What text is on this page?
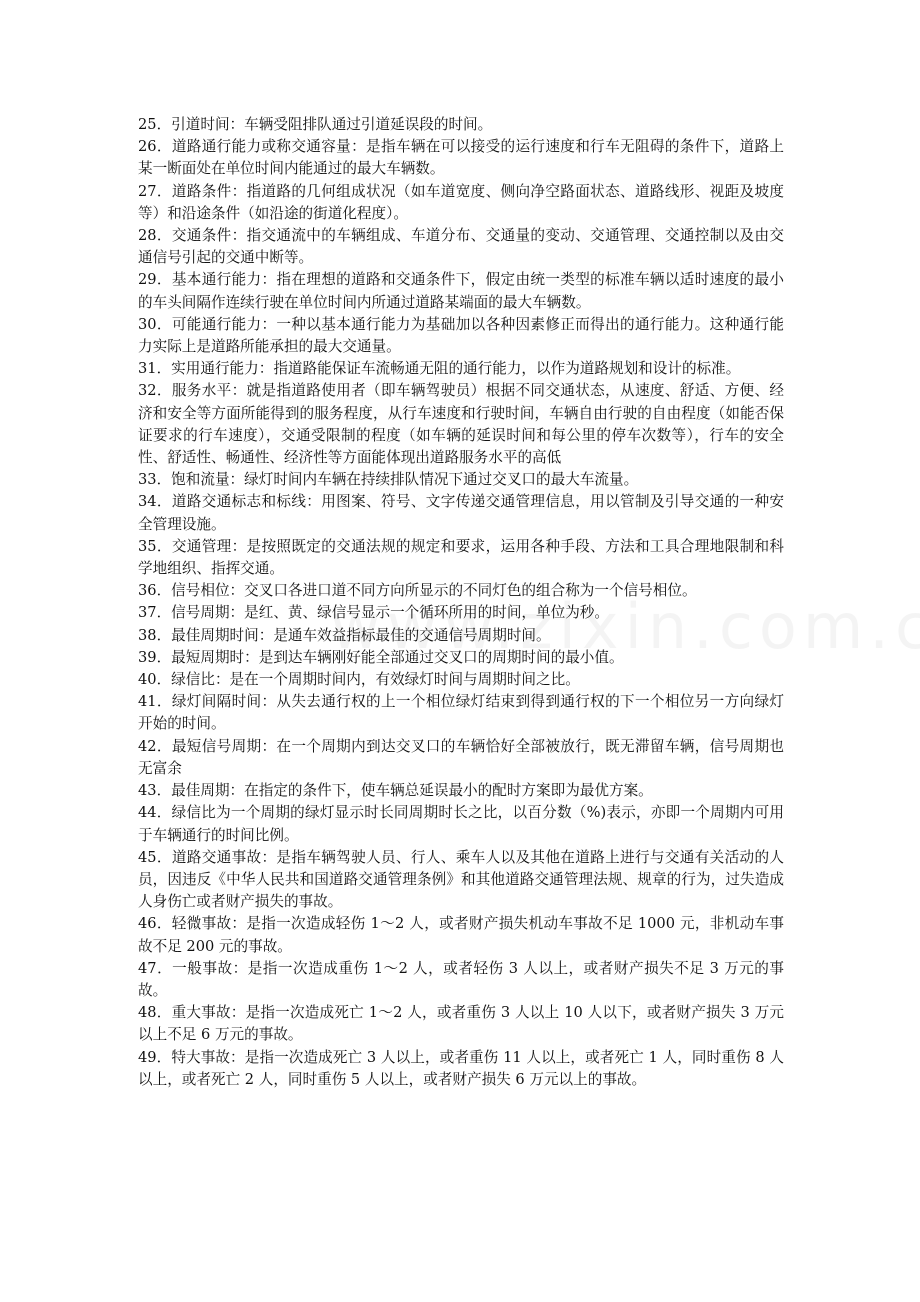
25．引道时间：车辆受阻排队通过引道延误段的时间。

26．道路通行能力或称交通容量：是指车辆在可以接受的运行速度和行车无阻碍的条件下，道路上某一断面处在单位时间内能通过的最大车辆数。

27．道路条件：指道路的几何组成状况（如车道宽度、侧向净空路面状态、道路线形、视距及坡度等）和沿途条件（如沿途的街道化程度）。

28．交通条件：指交通流中的车辆组成、车道分布、交通量的变动、交通管理、交通控制以及由交通信号引起的交通中断等。

29．基本通行能力：指在理想的道路和交通条件下，假定由统一类型的标准车辆以适时速度的最小的车头间隔作连续行驶在单位时间内所通过道路某端面的最大车辆数。

30．可能通行能力：一种以基本通行能力为基础加以各种因素修正而得出的通行能力。这种通行能力实际上是道路所能承担的最大交通量。

31．实用通行能力：指道路能保证车流畅通无阻的通行能力，以作为道路规划和设计的标准。

32．服务水平：就是指道路使用者（即车辆驾驶员）根据不同交通状态，从速度、舒适、方便、经济和安全等方面所能得到的服务程度，从行车速度和行驶时间，车辆自由行驶的自由程度（如能否保证要求的行车速度），交通受限制的程度（如车辆的延误时间和每公里的停车次数等），行车的安全性、舒适性、畅通性、经济性等方面能体现出道路服务水平的高低

33．饱和流量：绿灯时间内车辆在持续排队情况下通过交叉口的最大车流量。

34．道路交通标志和标线：用图案、符号、文字传递交通管理信息，用以管制及引导交通的一种安全管理设施。

35．交通管理：是按照既定的交通法规的规定和要求，运用各种手段、方法和工具合理地限制和科学地组织、指挥交通。

36．信号相位：交叉口各进口道不同方向所显示的不同灯色的组合称为一个信号相位。

37．信号周期：是红、黄、绿信号显示一个循环所用的时间，单位为秒。

38．最佳周期时间：是通车效益指标最佳的交通信号周期时间。

39．最短周期时：是到达车辆刚好能全部通过交叉口的周期时间的最小值。

40．绿信比：是在一个周期时间内，有效绿灯时间与周期时间之比。

41．绿灯间隔时间：从失去通行权的上一个相位绿灯结束到得到通行权的下一个相位另一方向绿灯开始的时间。

42．最短信号周期：在一个周期内到达交叉口的车辆恰好全部被放行，既无滞留车辆，信号周期也无富余

43．最佳周期：在指定的条件下，使车辆总延误最小的配时方案即为最优方案。

44．绿信比为一个周期的绿灯显示时长同周期时长之比，以百分数（%)表示，亦即一个周期内可用于车辆通行的时间比例。

45．道路交通事故：是指车辆驾驶人员、行人、乘车人以及其他在道路上进行与交通有关活动的人员，因违反《中华人民共和国道路交通管理条例》和其他道路交通管理法规、规章的行为，过失造成人身伤亡或者财产损失的事故。

46．轻微事故：是指一次造成轻伤 1～2 人，或者财产损失机动车事故不足 1000 元，非机动车事故不足 200 元的事故。

47．一般事故：是指一次造成重伤 1～2 人，或者轻伤 3 人以上，或者财产损失不足 3 万元的事故。

48．重大事故：是指一次造成死亡 1～2 人，或者重伤 3 人以上 10 人以下，或者财产损失 3 万元以上不足 6 万元的事故。

49．特大事故：是指一次造成死亡 3 人以上，或者重伤 11 人以上，或者死亡 1 人，同时重伤 8 人以上，或者死亡 2 人，同时重伤 5 人以上，或者财产损失 6 万元以上的事故。
